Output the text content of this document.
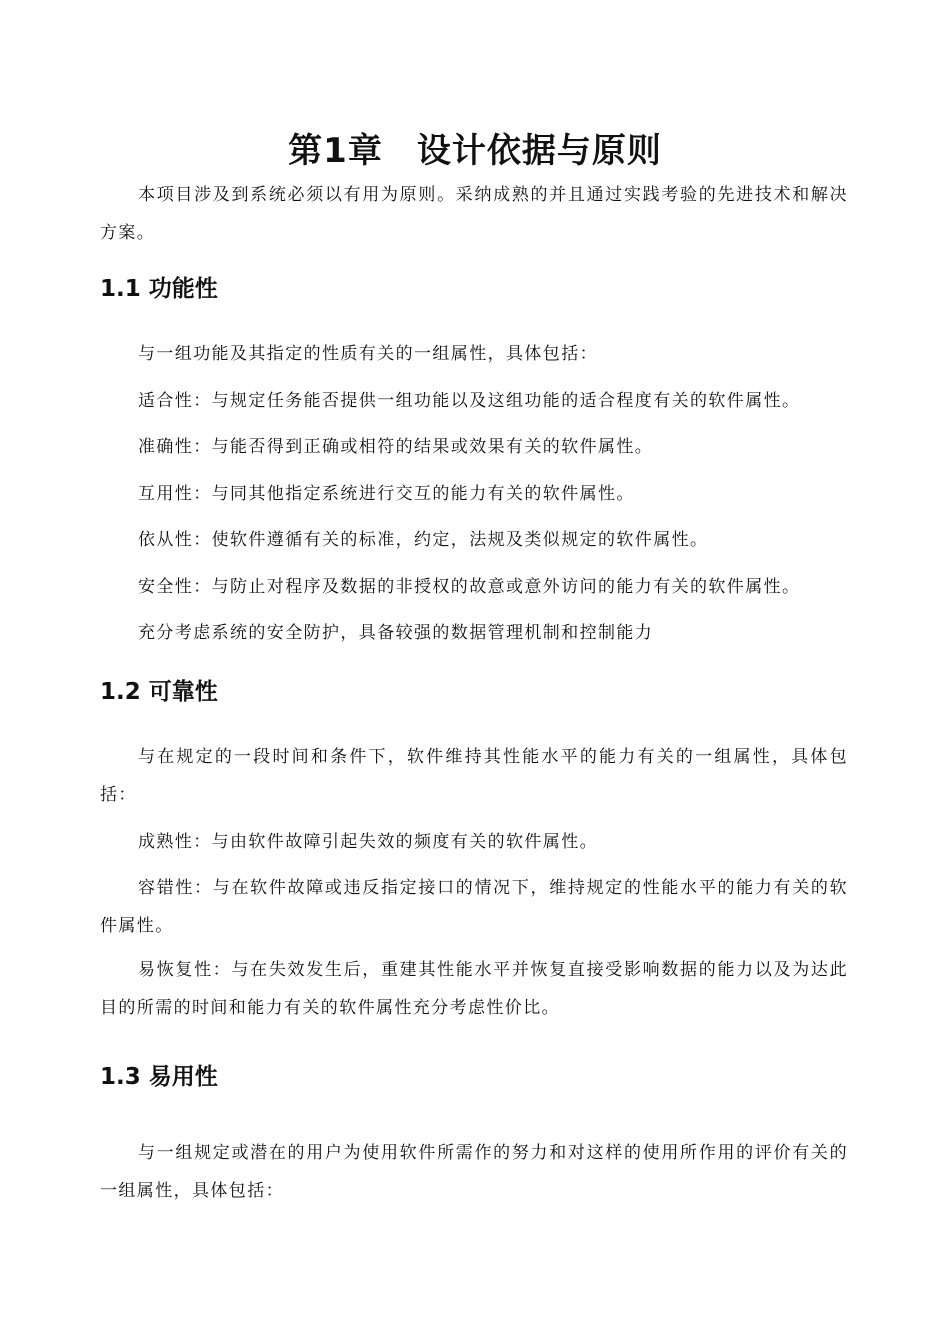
第1章 设计依据与原则

本项目涉及到系统必须以有用为原则。采纳成熟的并且通过实践考验的先进技术和解决方案。

1.1 功能性

与一组功能及其指定的性质有关的一组属性，具体包括：

适合性：与规定任务能否提供一组功能以及这组功能的适合程度有关的软件属性。

准确性：与能否得到正确或相符的结果或效果有关的软件属性。

互用性：与同其他指定系统进行交互的能力有关的软件属性。

依从性：使软件遵循有关的标准，约定，法规及类似规定的软件属性。

安全性：与防止对程序及数据的非授权的故意或意外访问的能力有关的软件属性。

充分考虑系统的安全防护，具备较强的数据管理机制和控制能力

1.2 可靠性

与在规定的一段时间和条件下，软件维持其性能水平的能力有关的一组属性，具体包括：

成熟性：与由软件故障引起失效的频度有关的软件属性。

容错性：与在软件故障或违反指定接口的情况下，维持规定的性能水平的能力有关的软件属性。

易恢复性：与在失效发生后，重建其性能水平并恢复直接受影响数据的能力以及为达此目的所需的时间和能力有关的软件属性充分考虑性价比。

1.3 易用性

与一组规定或潜在的用户为使用软件所需作的努力和对这样的使用所作用的评价有关的一组属性，具体包括：
